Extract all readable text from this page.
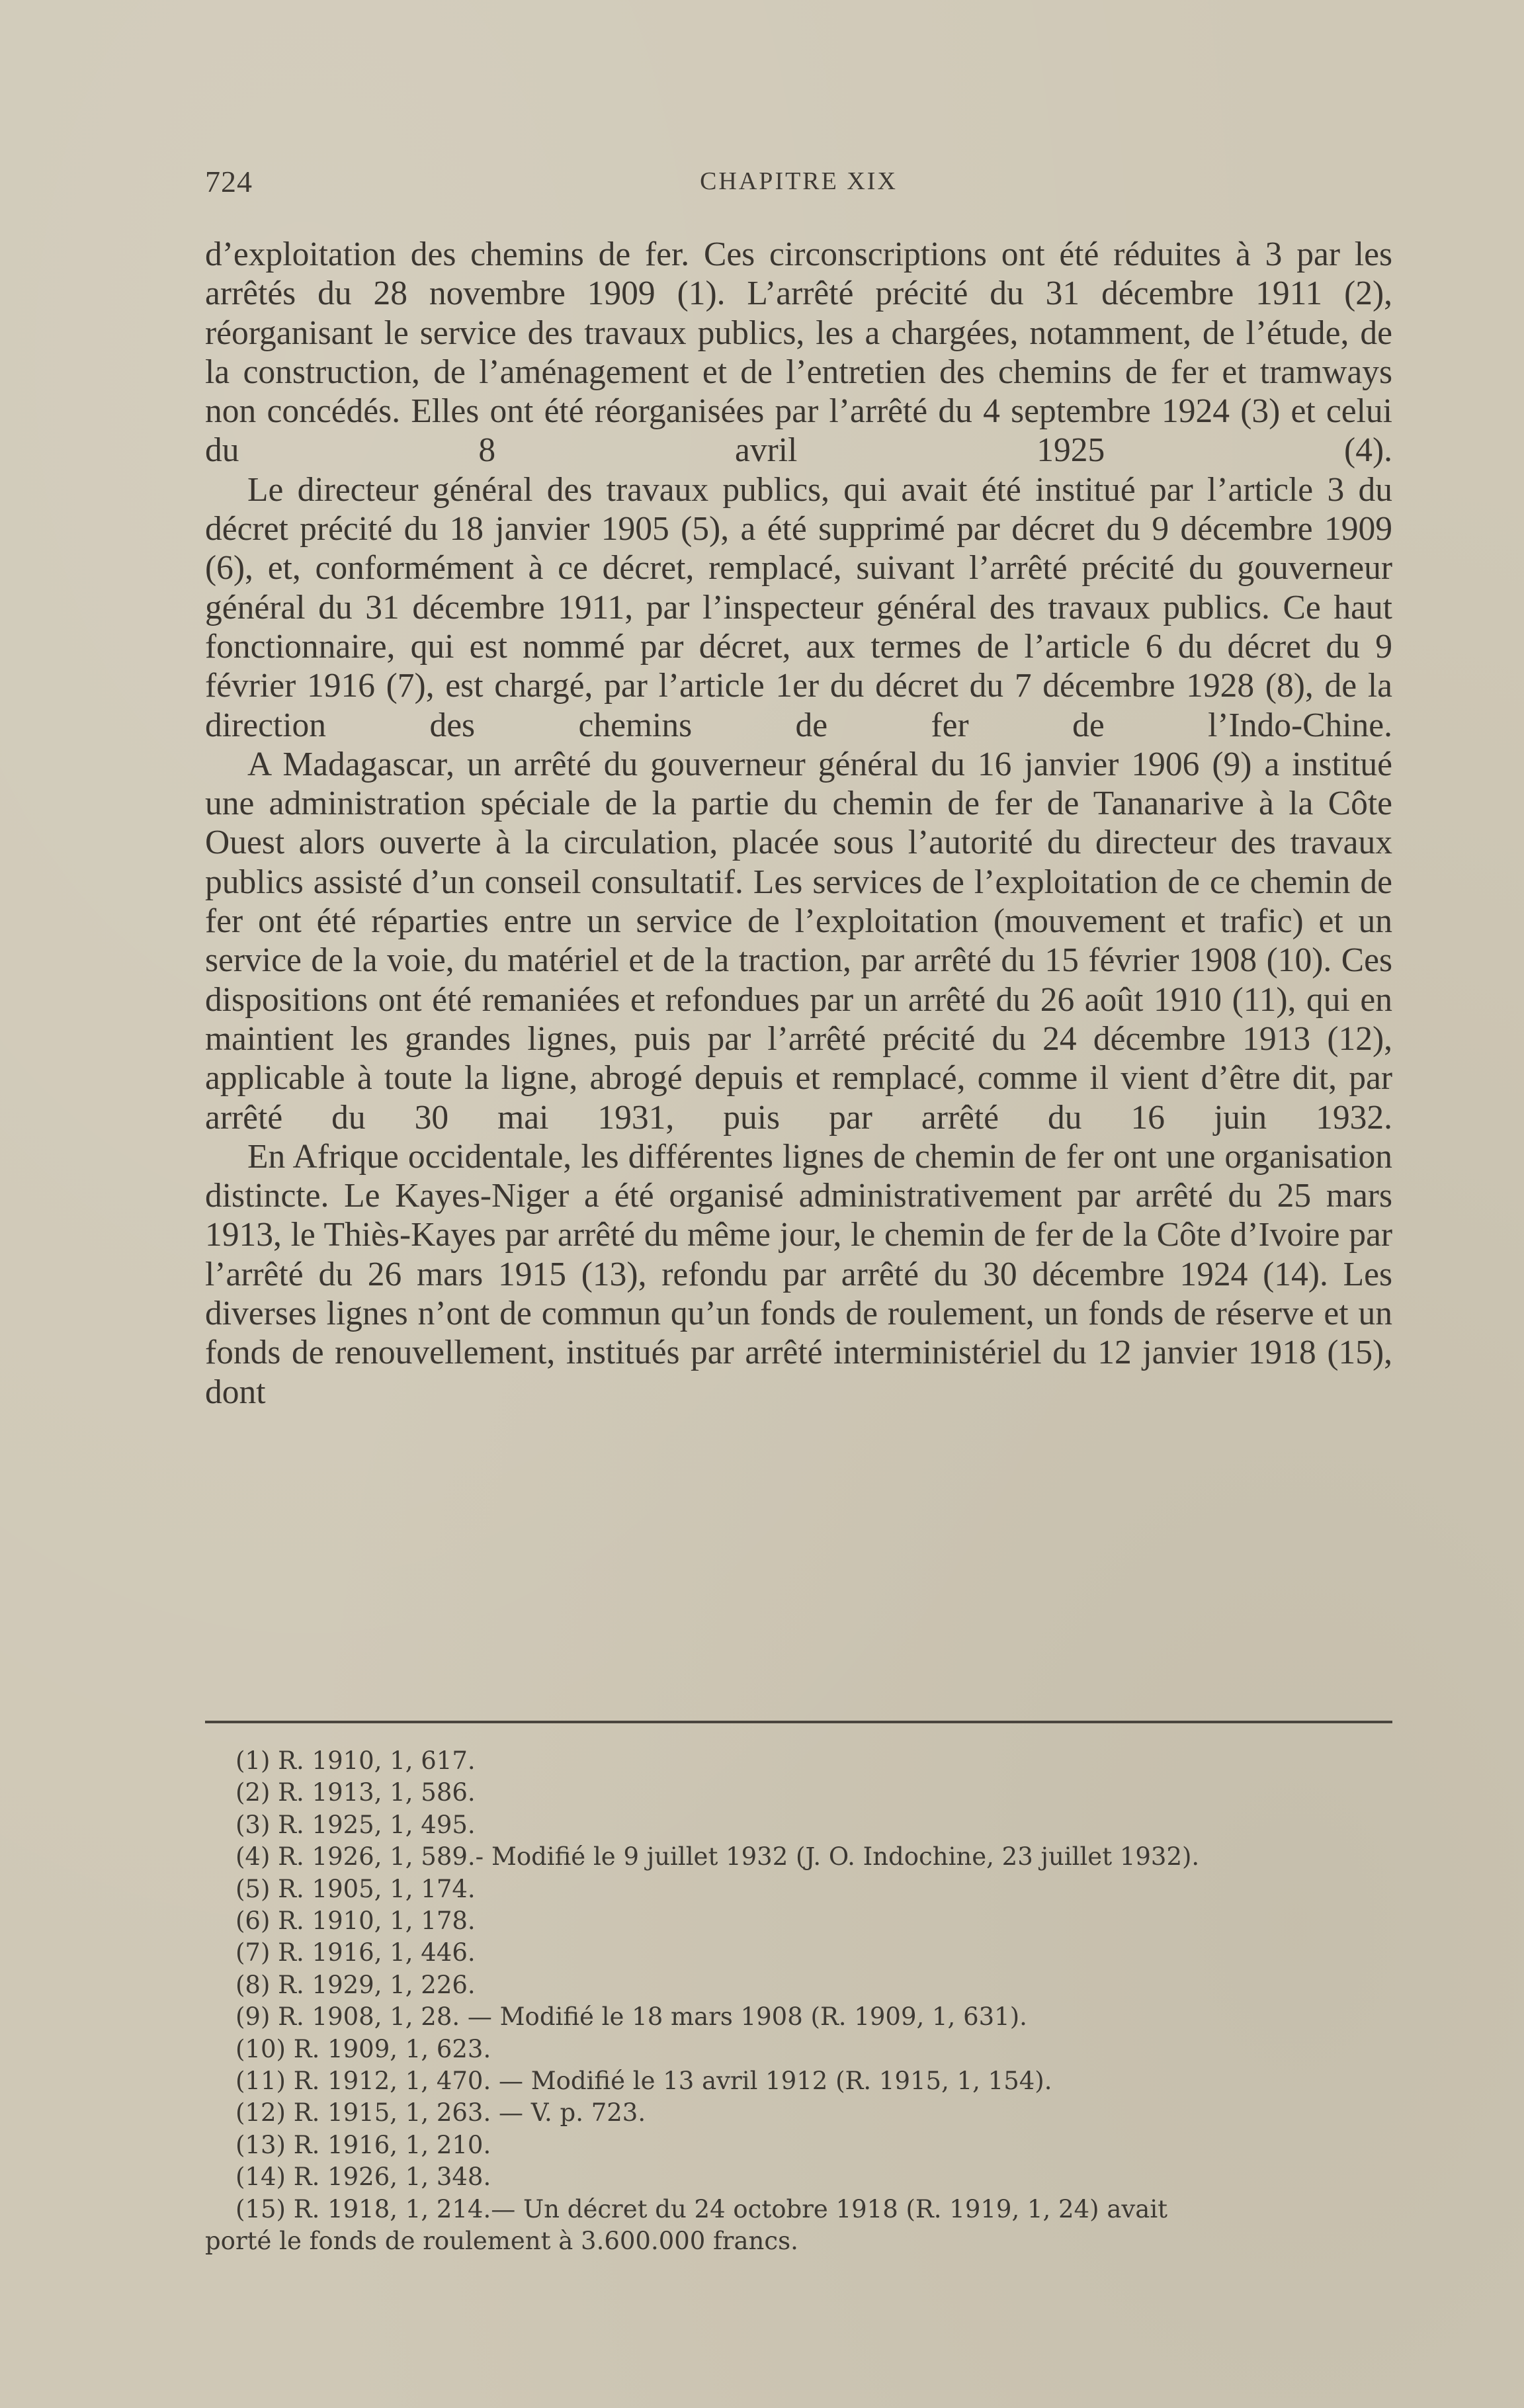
724	CHAPITRE XIX

d’exploitation des chemins de fer. Ces circonscriptions ont été réduites à 3 par les arrêtés du 28 novembre 1909 (1). L’arrêté précité du 31 décembre 1911 (2), réorganisant le service des travaux publics, les a chargées, notamment, de l’étude, de la construction, de l’aménagement et de l’entretien des chemins de fer et tramways non concédés. Elles ont été réorganisées par l’arrêté du 4 septembre 1924 (3) et celui du 8 avril 1925 (4).

Le directeur général des travaux publics, qui avait été institué par l’article 3 du décret précité du 18 janvier 1905 (5), a été supprimé par décret du 9 décembre 1909 (6), et, conformément à ce décret, remplacé, suivant l’arrêté précité du gouverneur général du 31 décembre 1911, par l’inspecteur général des travaux publics. Ce haut fonctionnaire, qui est nommé par décret, aux termes de l’article 6 du décret du 9 février 1916 (7), est chargé, par l’article 1er du décret du 7 décembre 1928 (8), de la direction des chemins de fer de l’Indo-Chine.

A Madagascar, un arrêté du gouverneur général du 16 janvier 1906 (9) a institué une administration spéciale de la partie du chemin de fer de Tananarive à la Côte Ouest alors ouverte à la circulation, placée sous l’autorité du directeur des travaux publics assisté d’un conseil consultatif. Les services de l’exploitation de ce chemin de fer ont été réparties entre un service de l’exploitation (mouvement et trafic) et un service de la voie, du matériel et de la traction, par arrêté du 15 février 1908 (10). Ces dispositions ont été remaniées et refondues par un arrêté du 26 août 1910 (11), qui en maintient les grandes lignes, puis par l’arrêté précité du 24 décembre 1913 (12), applicable à toute la ligne, abrogé depuis et remplacé, comme il vient d’être dit, par arrêté du 30 mai 1931, puis par arrêté du 16 juin 1932.

En Afrique occidentale, les différentes lignes de chemin de fer ont une organisation distincte. Le Kayes-Niger a été organisé administrativement par arrêté du 25 mars 1913, le Thiès-Kayes par arrêté du même jour, le chemin de fer de la Côte d’Ivoire par l’arrêté du 26 mars 1915 (13), refondu par arrêté du 30 décembre 1924 (14). Les diverses lignes n’ont de commun qu’un fonds de roulement, un fonds de réserve et un fonds de renouvellement, institués par arrêté interministériel du 12 janvier 1918 (15), dont

(1) R. 1910, 1, 617.
(2) R. 1913, 1, 586.
(3) R. 1925, 1, 495.
(4) R. 1926, 1, 589.- Modifié le 9 juillet 1932 (J. O. Indochine, 23 juillet 1932).
(5) R. 1905, 1, 174.
(6) R. 1910, 1, 178.
(7) R. 1916, 1, 446.
(8) R. 1929, 1, 226.
(9) R. 1908, 1, 28. — Modifié le 18 mars 1908 (R. 1909, 1, 631).
(10) R. 1909, 1, 623.
(11) R. 1912, 1, 470. — Modifié le 13 avril 1912 (R. 1915, 1, 154).
(12) R. 1915, 1, 263. — V. p. 723.
(13) R. 1916, 1, 210.
(14) R. 1926, 1, 348.
(15) R. 1918, 1, 214.— Un décret du 24 octobre 1918 (R. 1919, 1, 24) avait
porté le fonds de roulement à 3.600.000 francs.
